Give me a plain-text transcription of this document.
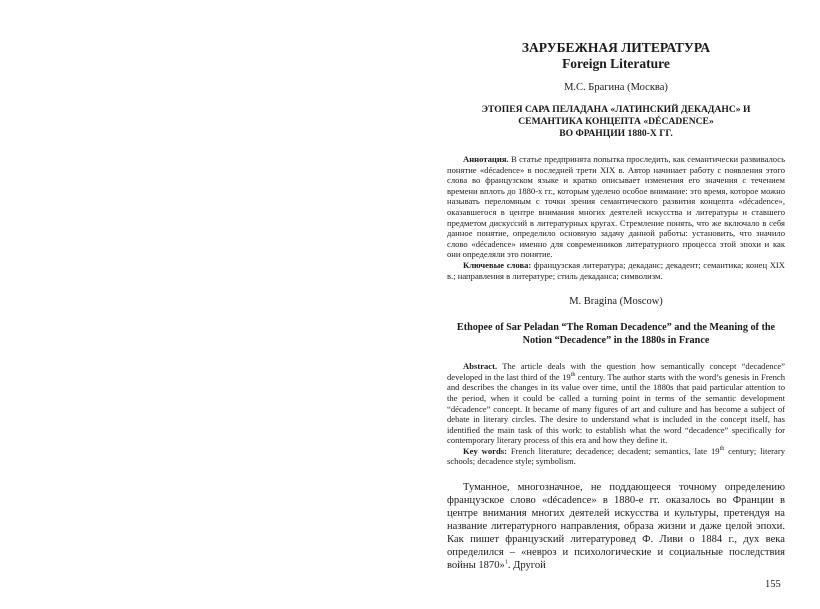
ЗАРУБЕЖНАЯ ЛИТЕРАТУРА
Foreign Literature
М.С. Брагина (Москва)
ЭТОПЕЯ САРА ПЕЛАДАНА «ЛАТИНСКИЙ ДЕКАДАНС» И
СЕМАНТИКА КОНЦЕПТА «DÉCADENCE»
ВО ФРАНЦИИ 1880-Х ГГ.

Аннотация. В статье предпринята попытка проследить, как семантически развивалось понятие «décadence» в последней трети XIX в. Автор начинает работу с появления этого слова во французском языке и кратко описывает изменения его значения с течением времени вплоть до 1880-х гг., которым уделено особое внимание: это время, которое можно называть переломным с точки зрения семантического развития концепта «décadence», оказавшегося в центре внимания многих деятелей искусства и литературы и ставшего предметом дискуссий в литературных кругах. Стремление понять, что же включало в себя данное понятие, определило основную задачу данной работы: установить, что значило слово «décadence» именно для современников литературного процесса этой эпохи и как они определяли это понятие.

Ключевые слова: французская литература; декаданс; декадент; семантика; конец XIX в.; направления в литературе; стиль декаданса; символизм.

M. Bragina (Moscow)
Ethopee of Sar Peladan “The Roman Decadence” and the Meaning of the
Notion “Decadence” in the 1880s in France

Abstract. The article deals with the question how semantically concept “decadence” developed in the last third of the 19th century. The author starts with the word’s genesis in French and describes the changes in its value over time, until the 1880s that paid particular attention to the period, when it could be called a turning point in terms of the semantic development “décadence” concept. It became of many figures of art and culture and has become a subject of debate in literary circles. The desire to understand what is included in the concept itself, has identified the main task of this work: to establish what the word “decadence” specifically for contemporary literary process of this era and how they define it.

Key words: French literature; decadence; decadent; semantics, late 19th century; literary schools; decadence style; symbolism.

Туманное, многозначное, не поддающееся точному определению французское слово «décadence» в 1880-е гг. оказалось во Франции в центре внимания многих деятелей искусства и культуры, претендуя на название литературного направления, образа жизни и даже целой эпохи. Как пишет французский литературовед Ф. Ливи о 1884 г., дух века определился – «невроз и психологические и социальные последствия войны 1870»$^1$. Другой

155
